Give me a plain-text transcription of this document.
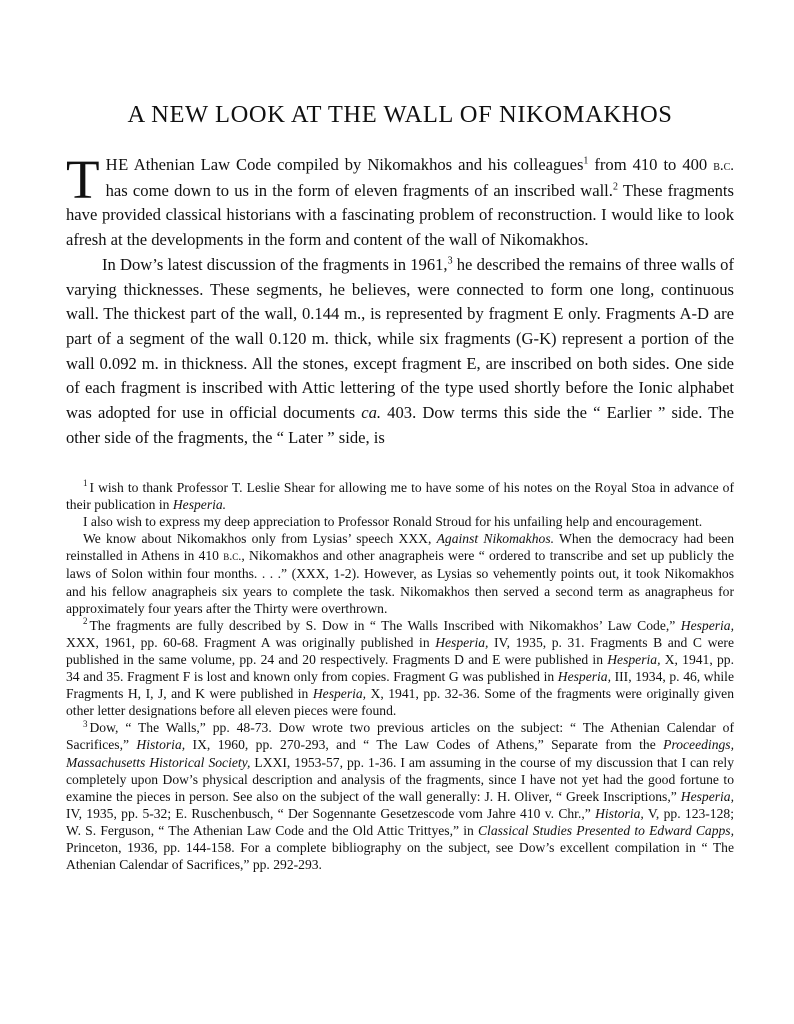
A NEW LOOK AT THE WALL OF NIKOMAKHOS

THE Athenian Law Code compiled by Nikomakhos and his colleagues$^1$ from 410 to 400 b.c. has come down to us in the form of eleven fragments of an inscribed wall.$^2$ These fragments have provided classical historians with a fascinating problem of reconstruction. I would like to look afresh at the developments in the form and content of the wall of Nikomakhos.

In Dow’s latest discussion of the fragments in 1961,$^3$ he described the remains of three walls of varying thicknesses. These segments, he believes, were connected to form one long, continuous wall. The thickest part of the wall, 0.144 m., is represented by fragment E only. Fragments A-D are part of a segment of the wall 0.120 m. thick, while six fragments (G-K) represent a portion of the wall 0.092 m. in thickness. All the stones, except fragment E, are inscribed on both sides. One side of each fragment is inscribed with Attic lettering of the type used shortly before the Ionic alphabet was adopted for use in official documents ca. 403. Dow terms this side the “ Earlier ” side. The other side of the fragments, the “ Later ” side, is

$^1$ I wish to thank Professor T. Leslie Shear for allowing me to have some of his notes on the Royal Stoa in advance of their publication in Hesperia.

I also wish to express my deep appreciation to Professor Ronald Stroud for his unfailing help and encouragement.

We know about Nikomakhos only from Lysias’ speech XXX, Against Nikomakhos. When the democracy had been reinstalled in Athens in 410 b.c., Nikomakhos and other anagrapheis were “ ordered to transcribe and set up publicly the laws of Solon within four months. . . .” (XXX, 1-2). However, as Lysias so vehemently points out, it took Nikomakhos and his fellow anagrapheis six years to complete the task. Nikomakhos then served a second term as anagrapheus for approximately four years after the Thirty were overthrown.

$^2$ The fragments are fully described by S. Dow in “ The Walls Inscribed with Nikomakhos’ Law Code,” Hesperia, XXX, 1961, pp. 60-68. Fragment A was originally published in Hesperia, IV, 1935, p. 31. Fragments B and C were published in the same volume, pp. 24 and 20 respectively. Fragments D and E were published in Hesperia, X, 1941, pp. 34 and 35. Fragment F is lost and known only from copies. Fragment G was published in Hesperia, III, 1934, p. 46, while Fragments H, I, J, and K were published in Hesperia, X, 1941, pp. 32-36. Some of the fragments were originally given other letter designations before all eleven pieces were found.

$^3$ Dow, “ The Walls,” pp. 48-73. Dow wrote two previous articles on the subject: “ The Athenian Calendar of Sacrifices,” Historia, IX, 1960, pp. 270-293, and “ The Law Codes of Athens,” Separate from the Proceedings, Massachusetts Historical Society, LXXI, 1953-57, pp. 1-36. I am assuming in the course of my discussion that I can rely completely upon Dow’s physical description and analysis of the fragments, since I have not yet had the good fortune to examine the pieces in person. See also on the subject of the wall generally: J. H. Oliver, “ Greek Inscriptions,” Hesperia, IV, 1935, pp. 5-32; E. Ruschenbusch, “ Der Sogennante Gesetzescode vom Jahre 410 v. Chr.,” Historia, V, pp. 123-128; W. S. Ferguson, “ The Athenian Law Code and the Old Attic Trittyes,” in Classical Studies Presented to Edward Capps, Princeton, 1936, pp. 144-158. For a complete bibliography on the subject, see Dow’s excellent compilation in “ The Athenian Calendar of Sacrifices,” pp. 292-293.
